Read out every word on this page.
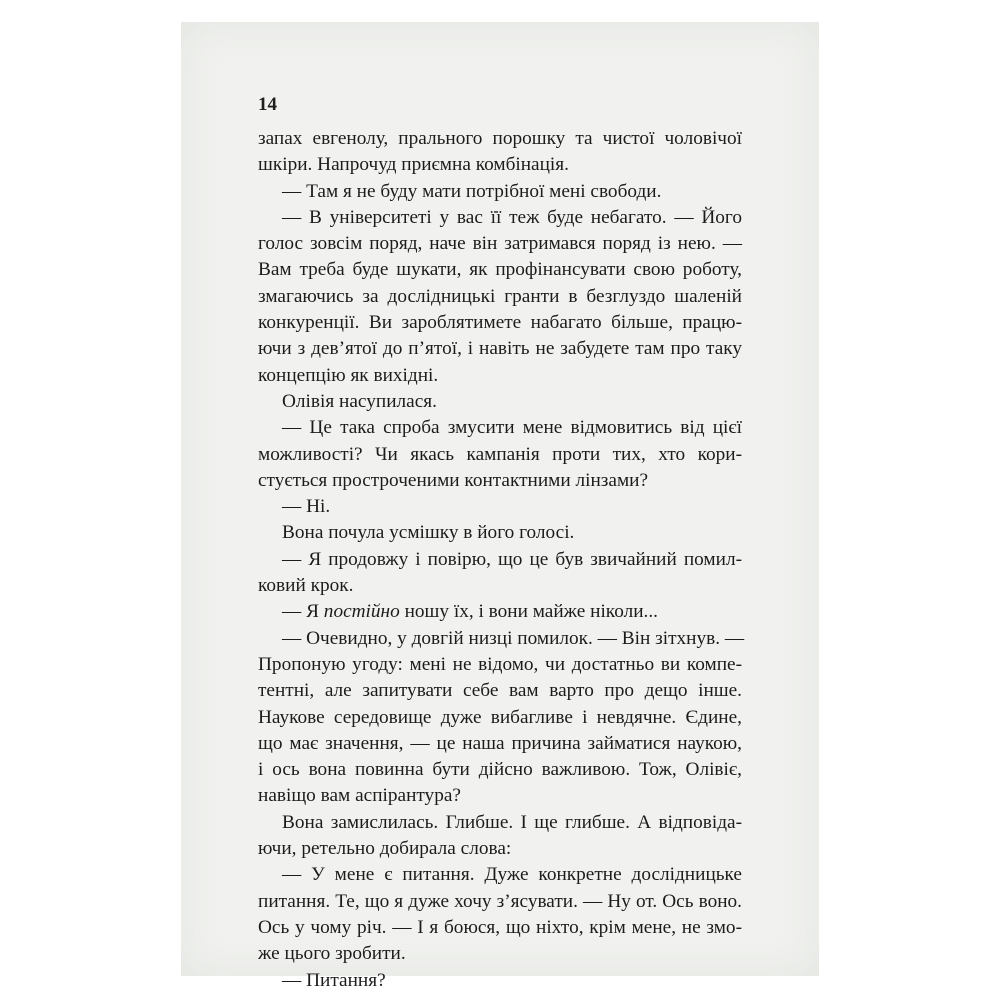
14
запах евгенолу, прального порошку та чистої чоловічої
шкіри. Напрочуд приємна комбінація.
— Там я не буду мати потрібної мені свободи.
— В університеті у вас її теж буде небагато. — Його
голос зовсім поряд, наче він затримався поряд із нею. —
Вам треба буде шукати, як профінансувати свою роботу,
змагаючись за дослідницькі гранти в безглуздо шаленій
конкуренції. Ви зароблятимете набагато більше, працю-
ючи з дев’ятої до п’ятої, і навіть не забудете там про таку
концепцію як вихідні.
Олівія насупилася.
— Це така спроба змусити мене відмовитись від цієї
можливості? Чи якась кампанія проти тих, хто кори-
стується простроченими контактними лінзами?
— Ні.
Вона почула усмішку в його голосі.
— Я продовжу і повірю, що це був звичайний помил-
ковий крок.
— Я постійно ношу їх, і вони майже ніколи...
— Очевидно, у довгій низці помилок. — Він зітхнув. —
Пропоную угоду: мені не відомо, чи достатньо ви компе-
тентні, але запитувати себе вам варто про дещо інше.
Наукове середовище дуже вибагливе і невдячне. Єдине,
що має значення, — це наша причина займатися наукою,
і ось вона повинна бути дійсно важливою. Тож, Олівіє,
навіщо вам аспірантура?
Вона замислилась. Глибше. І ще глибше. А відповіда-
ючи, ретельно добирала слова:
— У мене є питання. Дуже конкретне дослідницьке
питання. Те, що я дуже хочу з’ясувати. — Ну от. Ось воно.
Ось у чому річ. — І я боюся, що ніхто, крім мене, не змо-
же цього зробити.
— Питання?
